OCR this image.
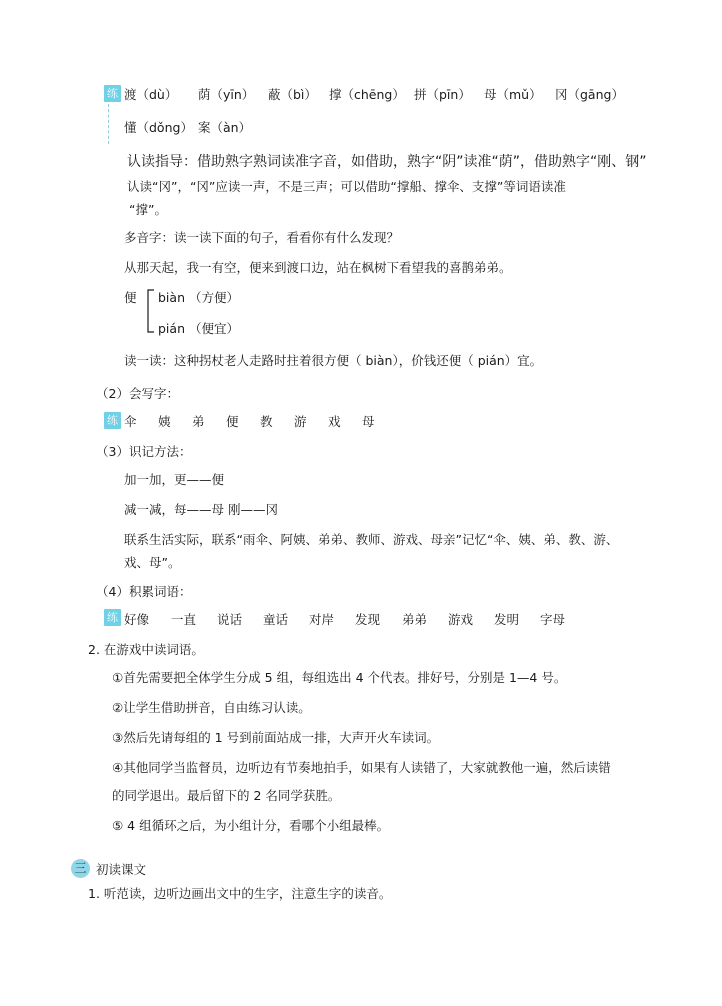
练 渡（dù） 荫（yīn） 蔽（bì） 撑（chēng） 拼（pīn） 母（mǔ） 冈（gāng）
懂（dǒng） 案（àn）
认读指导：借助熟字熟词读准字音，如借助，熟字“阴”读准“荫”，借助熟字“刚、钢”
认读“冈”，“冈”应读一声，不是三声；可以借助“撑船、撑伞、支撑”等词语读准
“撑”。
多音字：读一读下面的句子，看看你有什么发现？
从那天起，我一有空，便来到渡口边，站在枫树下看望我的喜鹊弟弟。
便 biàn （方便）
pián （便宜）
读一读：这种拐杖老人走路时拄着很方便（ biàn），价钱还便（ pián）宜。
（2）会写字：
练 伞	姨	弟	便	教	游	戏	母
（3）识记方法：
加一加，更——便
减一减，每——母 刚——冈
联系生活实际，联系“雨伞、阿姨、弟弟、教师、游戏、母亲”记忆“伞、姨、弟、教、游、
戏、母”。
（4）积累词语：
练 好像	一直	说话	童话	对岸	发现	弟弟	游戏	发明	字母
2. 在游戏中读词语。
①首先需要把全体学生分成 5 组，每组选出 4 个代表。排好号，分别是 1—4 号。
②让学生借助拼音，自由练习认读。
③然后先请每组的 1 号到前面站成一排，大声开火车读词。
④其他同学当监督员，边听边有节奏地拍手，如果有人读错了，大家就教他一遍，然后读错
的同学退出。最后留下的 2 名同学获胜。
⑤ 4 组循环之后，为小组计分，看哪个小组最棒。
三 初读课文
1. 听范读，边听边画出文中的生字，注意生字的读音。
